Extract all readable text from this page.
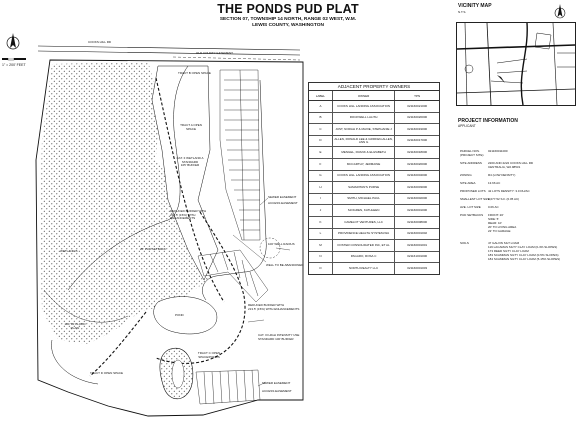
THE PONDS PUD PLAT
SECTION 07, TOWNSHIP 14 NORTH, RANGE 02 WEST, W.M.
LEWIS COUNTY, WASHINGTON
1" = 200' FEET
COOKS HILL RD
OLD COUNTY EASEMENT
TRACT B OPEN SPACE
TRACT A OPEN SPACE
CAT. II WETLAND A
STANDARD
105' BUFFER
REDUCED BUFFER WITH
213.5' (15%) WITH
ENHANCEMENTS
SEWER EASEMENT
ACCESS EASEMENT
100' WELL RADIUS
WELL TO BE ABANDONED
25' PUD SETBACK
WETLAND B
REDUCED BUFFER WITH
213.5' (15%) WITH ENHANCEMENTS
CAT. III HIGH INTENSITY USE
STANDARD 100' BUFFER
POND
TRACT C OPEN
SPACE/PONDS
100 YR FLOOD
PLAIN
TRACT D OPEN SPACE
SEWER EASEMENT
ACCESS EASEMENT
ADJACENT PROPERTY OWNERS
LABEL	OWNER	TPN
A	COOKS HILL LANDING ASSOCIATION	021160021000
B	ROCKWELL LALITH	021160020000
C	JUST, NORAH P & MAXIE, STEPHANIE J	021160019000
D	ALLEN, RONALD LEE & GRIFFEN-ALLEN, ANN G	021160017000
E	MENGEL, FRANK & ELIZABETH	021160018000
F	MCCARTHY, JERMAINE	021160020000
G	COOKS HILL LANDING ASSOCIATION	021160004000
H	SAMARITAN'S PURSE	021160003000
I	SMITH, MICHAEL PAUL	021160002000
J	SJOGREN, KATHLEEN	021160001000
K	CAMELOT VENTURES, LLC	021160008000
L	PROVIDENCE HEALTH SYSTEM-WA	021160001002
M	FOSTER CONSOLIDATED INC, ET AL	021160001001
N	PAGARO, ROSA C	021161001000
O	NORTH REALTY LLC	021160001003
VICINITY MAP
N.T.S.
PROJECT INFORMATION
APPLICANT
PARCEL NOS.	021160011000
(PROJECT SITE)
SITE ADDRESS 2200 AND 2222 COOKS HILL RD
CENTRALIA, WA 98531
ZONING	R4 (LOW DENSITY)
SITE AREA	13.66 AC
PROPOSED LOTS 42 LOTS DENSITY: 3.0 DU/AC
SMALLEST LOT SIZE
3,077.52 S.F. (0.05 AC)
AVE. LOT SIZE 0.06 AC
PUD SETBACKS FRONT: 20'
SIDE: 5'
REAR: 10'
20' TO LIVING AREA
22' TO GARAGE
SOILS	47 GALVIN SILT LOAM
119 LACAMAS SILTY CLAY LOAM (0-3% SLOPES)
173 REED SILTY CLAY LOAM
183 SCAMMAN SILTY CLAY LOAM (0-5% SLOPES)
184 SCAMMAN SILTY CLAY LOAM (5-15% SLOPES)
